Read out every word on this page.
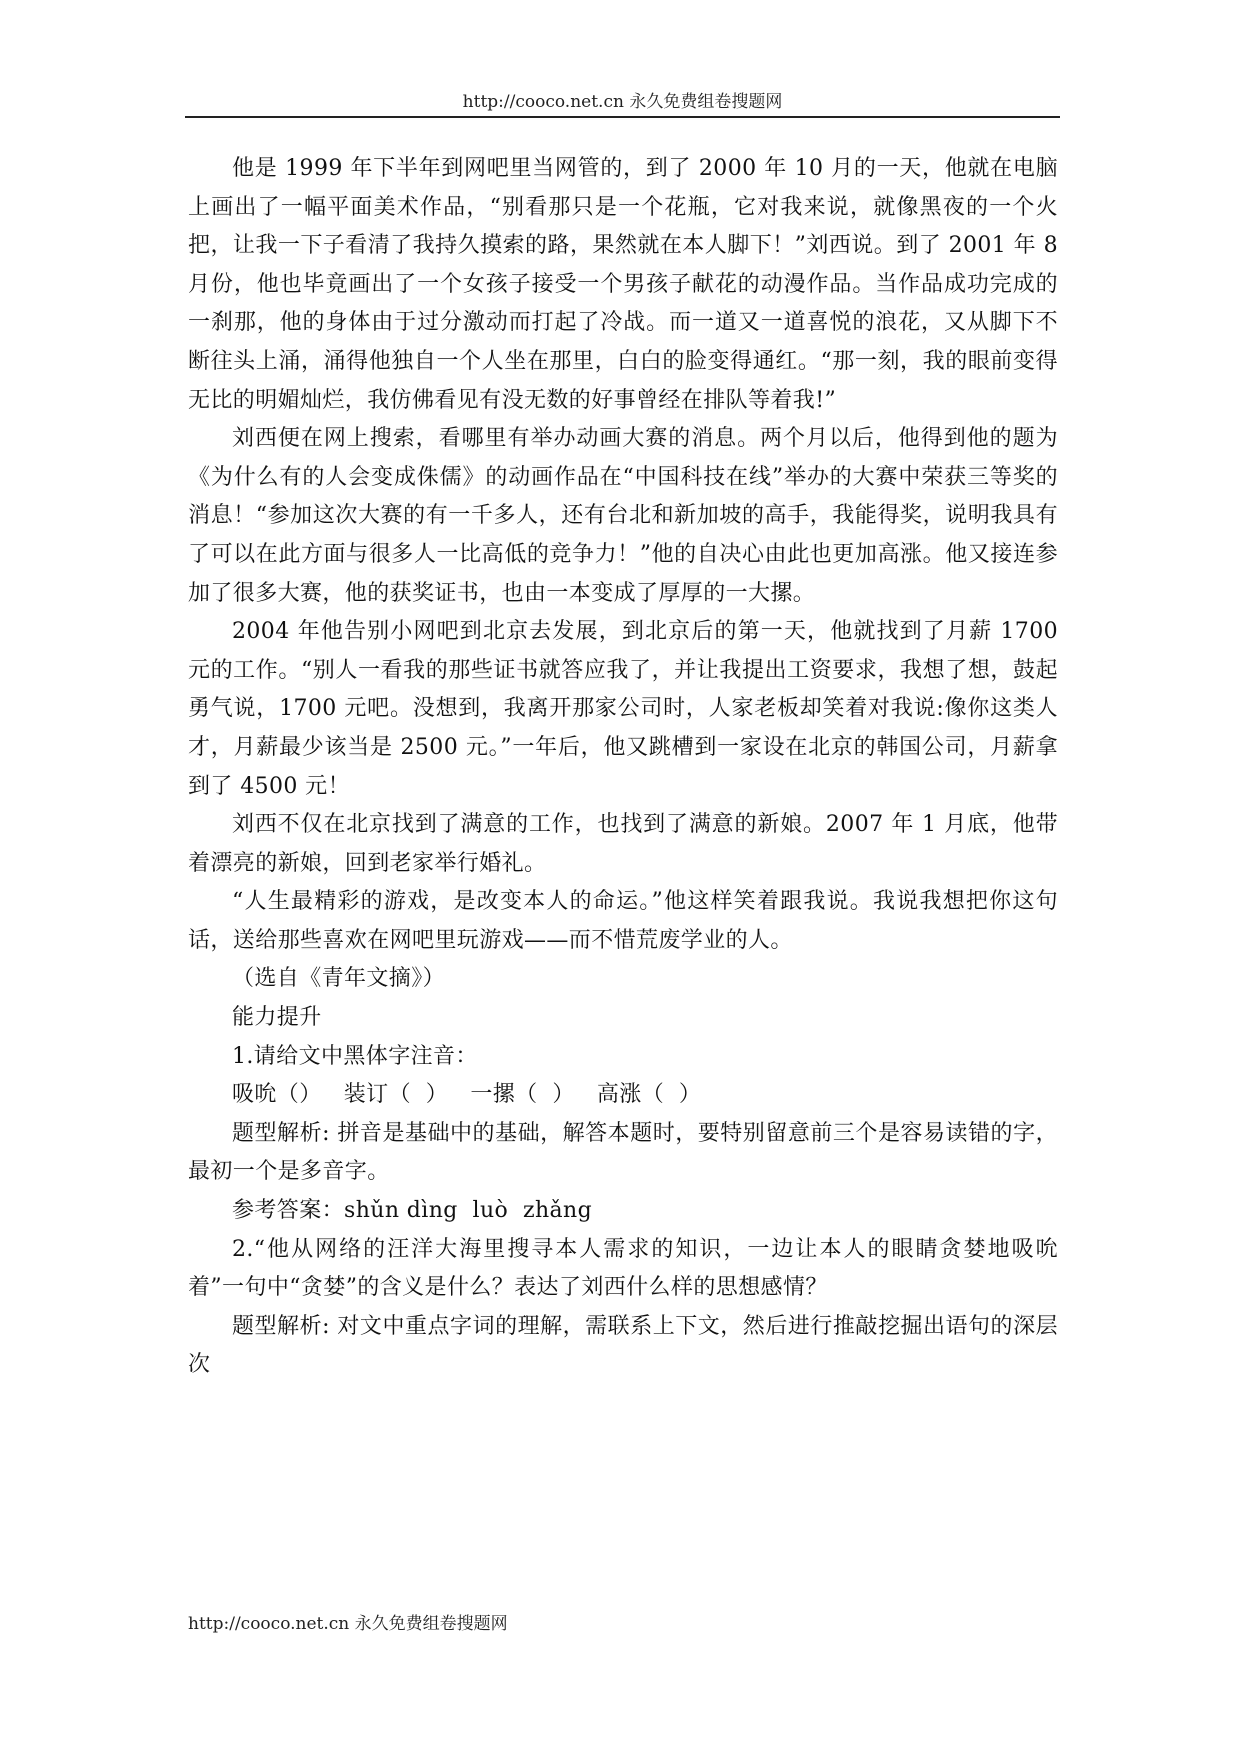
http://cooco.net.cn 永久免费组卷搜题网

他是 1999 年下半年到网吧里当网管的，到了 2000 年 10 月的一天，他就在电脑上画出了一幅平面美术作品，“别看那只是一个花瓶，它对我来说，就像黑夜的一个火把，让我一下子看清了我持久摸索的路，果然就在本人脚下！”刘西说。到了 2001 年 8 月份，他也毕竟画出了一个女孩子接受一个男孩子献花的动漫作品。当作品成功完成的一刹那，他的身体由于过分激动而打起了冷战。而一道又一道喜悦的浪花，又从脚下不断往头上涌，涌得他独自一个人坐在那里，白白的脸变得通红。“那一刻，我的眼前变得无比的明媚灿烂，我仿佛看见有没无数的好事曾经在排队等着我!”

刘西便在网上搜索，看哪里有举办动画大赛的消息。两个月以后，他得到他的题为《为什么有的人会变成侏儒》的动画作品在“中国科技在线”举办的大赛中荣获三等奖的消息！“参加这次大赛的有一千多人，还有台北和新加坡的高手，我能得奖，说明我具有了可以在此方面与很多人一比高低的竞争力！”他的自决心由此也更加高涨。他又接连参加了很多大赛，他的获奖证书，也由一本变成了厚厚的一大摞。

2004 年他告别小网吧到北京去发展，到北京后的第一天，他就找到了月薪 1700 元的工作。“别人一看我的那些证书就答应我了，并让我提出工资要求，我想了想，鼓起勇气说，1700 元吧。没想到，我离开那家公司时，人家老板却笑着对我说:像你这类人才，月薪最少该当是 2500 元。”一年后，他又跳槽到一家设在北京的韩国公司，月薪拿到了 4500 元！

刘西不仅在北京找到了满意的工作，也找到了满意的新娘。2007 年 1 月底，他带着漂亮的新娘，回到老家举行婚礼。

“人生最精彩的游戏，是改变本人的命运。”他这样笑着跟我说。我说我想把你这句话，送给那些喜欢在网吧里玩游戏——而不惜荒废学业的人。

（选自《青年文摘》）

能力提升

1.请给文中黑体字注音：

吸吮（）   装订（  ）   一摞（  ）   高涨（  ）

题型解析: 拼音是基础中的基础，解答本题时，要特别留意前三个是容易读错的字，最初一个是多音字。

参考答案：shǔn dìng  luò  zhǎng

2.“他从网络的汪洋大海里搜寻本人需求的知识，一边让本人的眼睛贪婪地吸吮着”一句中“贪婪”的含义是什么？表达了刘西什么样的思想感情？

题型解析: 对文中重点字词的理解，需联系上下文，然后进行推敲挖掘出语句的深层次

http://cooco.net.cn 永久免费组卷搜题网
